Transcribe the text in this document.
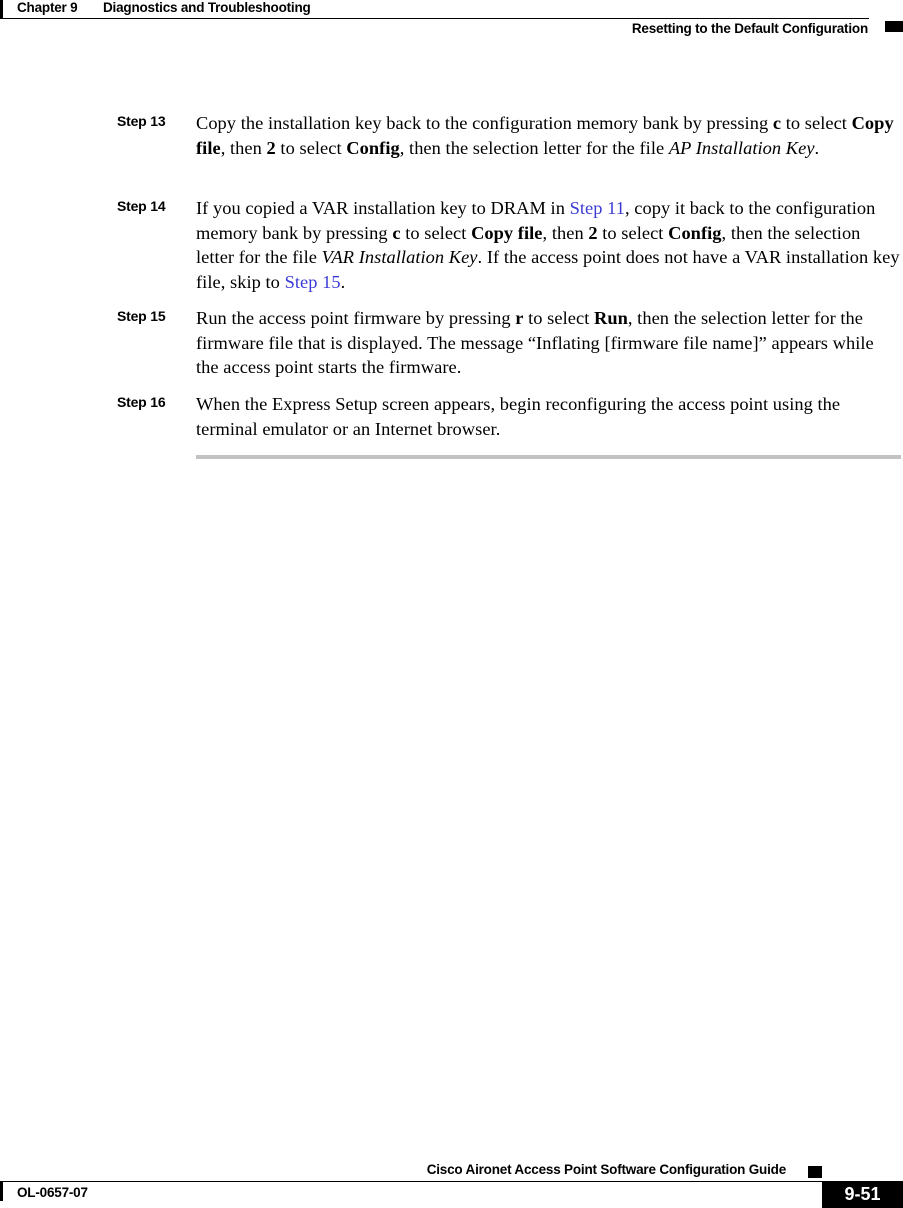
Chapter 9 Diagnostics and Troubleshooting
Resetting to the Default Configuration
Step 13 Copy the installation key back to the configuration memory bank by pressing c to select Copy file, then 2 to select Config, then the selection letter for the file AP Installation Key.
Step 14 If you copied a VAR installation key to DRAM in Step 11, copy it back to the configuration memory bank by pressing c to select Copy file, then 2 to select Config, then the selection letter for the file VAR Installation Key. If the access point does not have a VAR installation key file, skip to Step 15.
Step 15 Run the access point firmware by pressing r to select Run, then the selection letter for the firmware file that is displayed. The message “Inflating [firmware file name]” appears while the access point starts the firmware.
Step 16 When the Express Setup screen appears, begin reconfiguring the access point using the terminal emulator or an Internet browser.
Cisco Aironet Access Point Software Configuration Guide
OL-0657-07	9-51
